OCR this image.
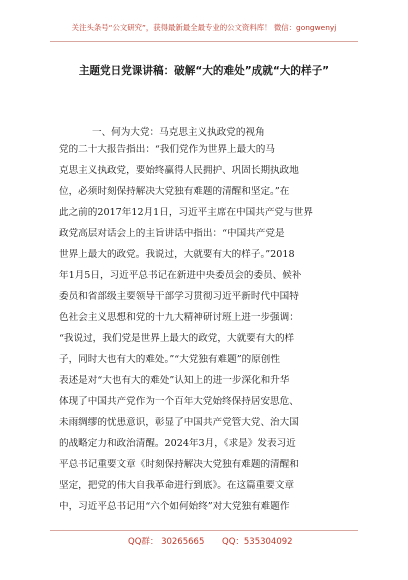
关注头条号“公文研究”，获得最新最全最专业的公文资料库！ 微信：gongwenyj
主题党日党课讲稿：破解“大的难处”成就“大的样子”
一、何为大党：马克思主义执政党的视角
党的二十大报告指出：“我们党作为世界上最大的马
克思主义执政党，要始终赢得人民拥护、巩固长期执政地
位，必须时刻保持解决大党独有难题的清醒和坚定。”在
此之前的2017年12月1日，习近平主席在中国共产党与世界
政党高层对话会上的主旨讲话中指出：“中国共产党是
世界上最大的政党。我说过，大就要有大的样子。”2018
年1月5日，习近平总书记在新进中央委员会的委员、候补
委员和省部级主要领导干部学习贯彻习近平新时代中国特
色社会主义思想和党的十九大精神研讨班上进一步强调：
“我说过，我们党是世界上最大的政党，大就要有大的样
子，同时大也有大的难处。”“大党独有难题”的原创性
表述是对“大也有大的难处”认知上的进一步深化和升华
体现了中国共产党作为一个百年大党始终保持居安思危、
未雨绸缪的忧患意识，彰显了中国共产党管大党、治大国
的战略定力和政治清醒。2024年3月，《求是》发表习近
平总书记重要文章《时刻保持解决大党独有难题的清醒和
坚定，把党的伟大自我革命进行到底》。在这篇重要文章
中，习近平总书记用“六个如何始终”对大党独有难题作
QQ群： 30265665 QQ：535304092
